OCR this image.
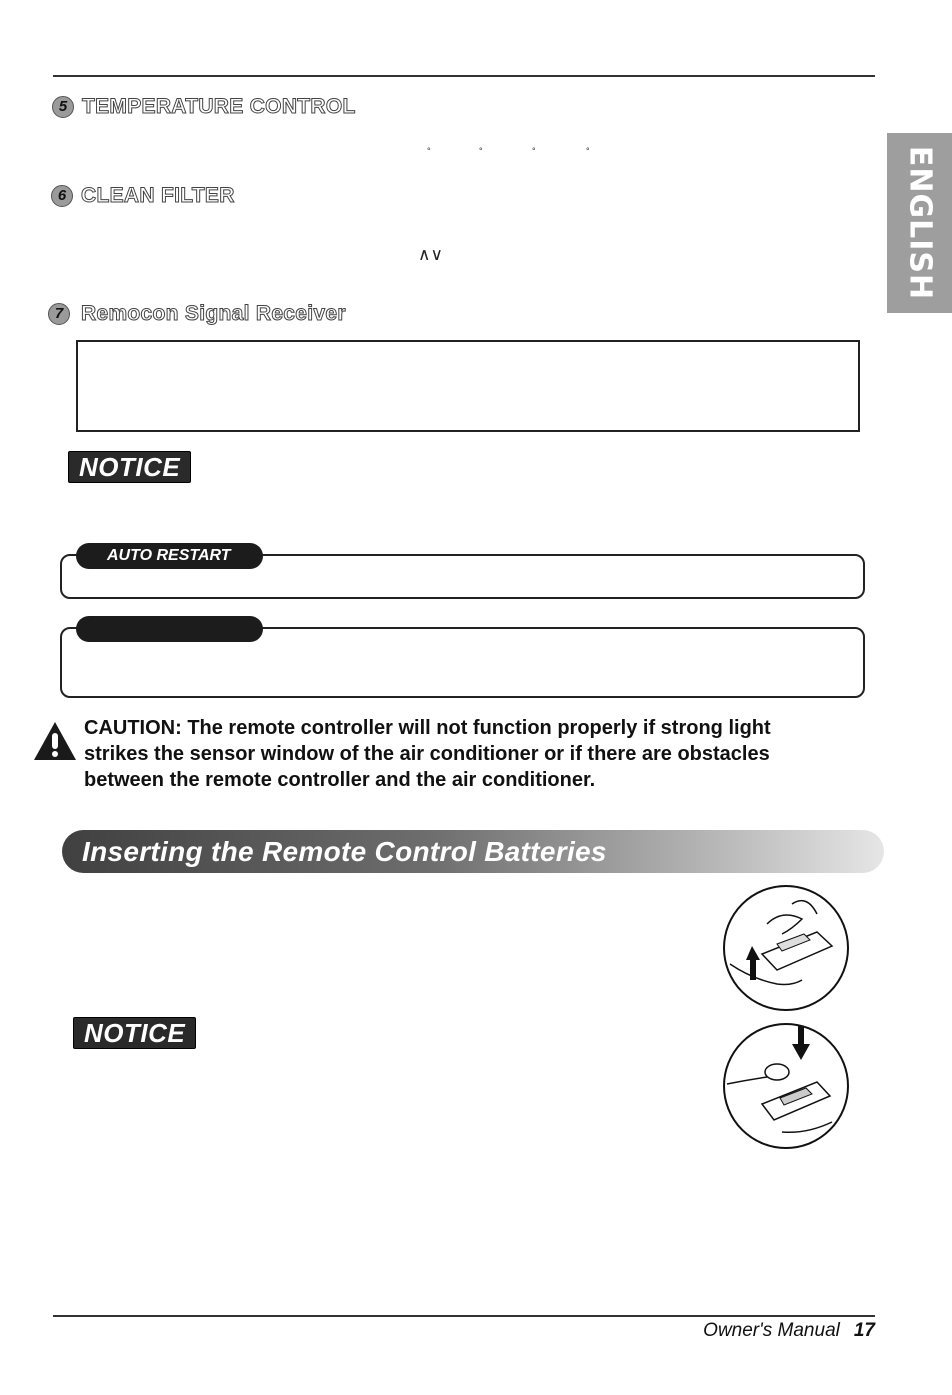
5 TEMPERATURE CONTROL
°	°	°	°
6 CLEAN FILTER
∧∨
7 Remocon Signal Receiver
NOTICE
AUTO RESTART
CAUTION: The remote controller will not function properly if strong light strikes the sensor window of the air conditioner or if there are obstacles between the remote controller and the air conditioner.
Inserting the Remote Control Batteries
NOTICE
ENGLISH
Owner's Manual 17
